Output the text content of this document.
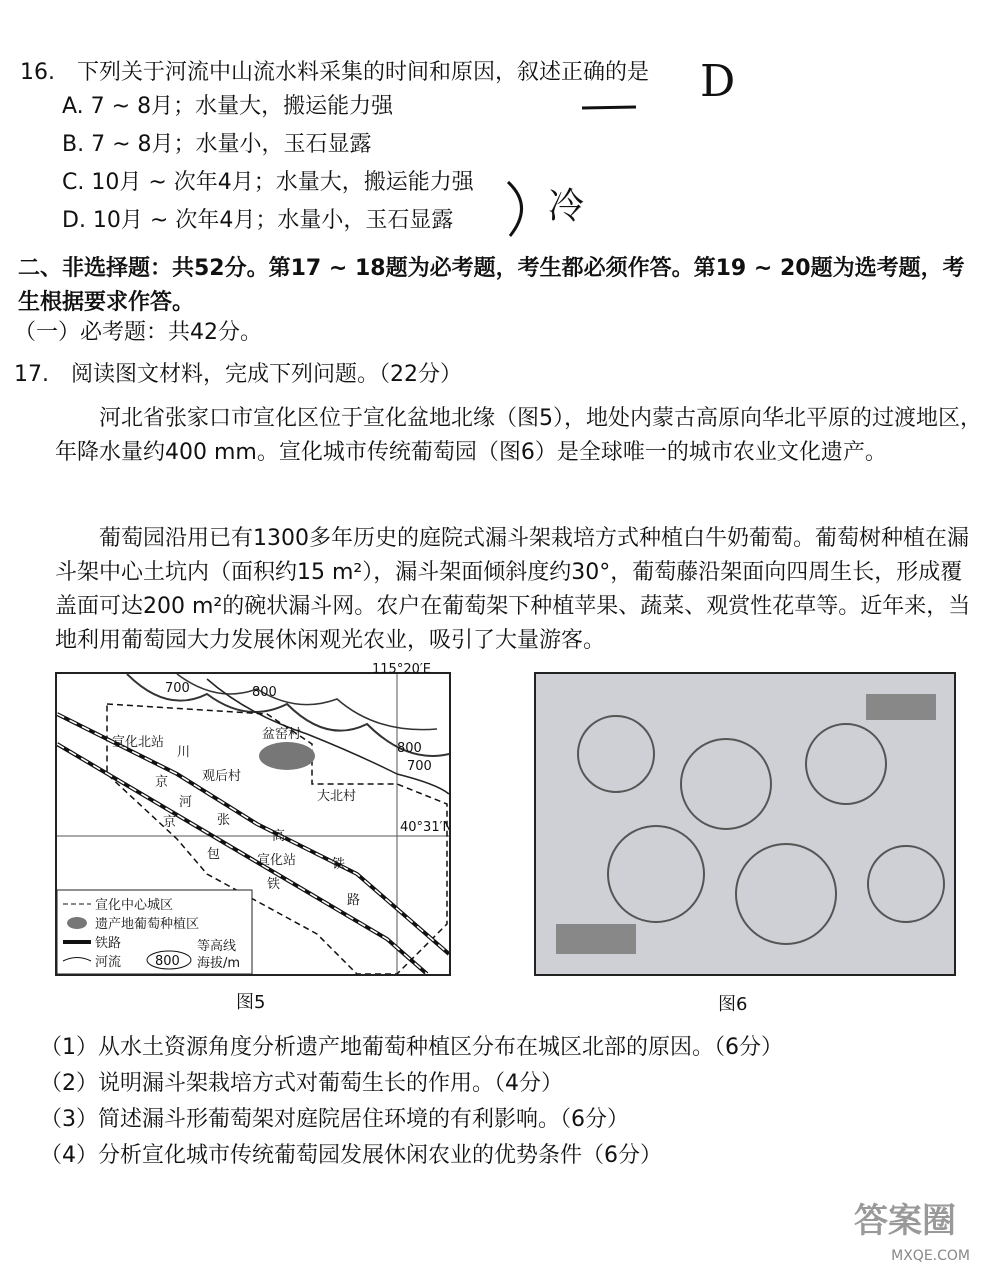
16.　下列关于河流中山流水料采集的时间和原因，叙述正确的是
A. 7 ~ 8月；水量大，搬运能力强
B. 7 ~ 8月；水量小，玉石显露
C. 10月 ~ 次年4月；水量大，搬运能力强
D. 10月 ~ 次年4月；水量小，玉石显露
D
冷
二、非选择题：共52分。第17 ~ 18题为必考题，考生都必须作答。第19 ~ 20题为选考题，考生根据要求作答。
（一）必考题：共42分。
17.　阅读图文材料，完成下列问题。（22分）
河北省张家口市宣化区位于宣化盆地北缘（图5），地处内蒙古高原向华北平原的过渡地区，年降水量约400 mm。宣化城市传统葡萄园（图6）是全球唯一的城市农业文化遗产。
葡萄园沿用已有1300多年历史的庭院式漏斗架栽培方式种植白牛奶葡萄。葡萄树种植在漏斗架中心土坑内（面积约15 m²），漏斗架面倾斜度约30°，葡萄藤沿架面向四周生长，形成覆盖面可达200 m²的碗状漏斗网。农户在葡萄架下种植苹果、蔬菜、观赏性花草等。近年来，当地利用葡萄园大力发展休闲观光农业，吸引了大量游客。
宣化北站
盆窑村
观后村
大北村
宣化站
川
京
河
京	张
包
高
铁
铁
路
700	800
800
700
40°31′N
宣化中心城区
遗产地葡萄种植区
铁路
河流	800
等高线
海拔/m
115°20′E
图5	图6
（1）从水土资源角度分析遗产地葡萄种植区分布在城区北部的原因。（6分）
（2）说明漏斗架栽培方式对葡萄生长的作用。（4分）
（3）简述漏斗形葡萄架对庭院居住环境的有利影响。（6分）
（4）分析宣化城市传统葡萄园发展休闲农业的优势条件（6分）
答案圈
MXQE.COM
